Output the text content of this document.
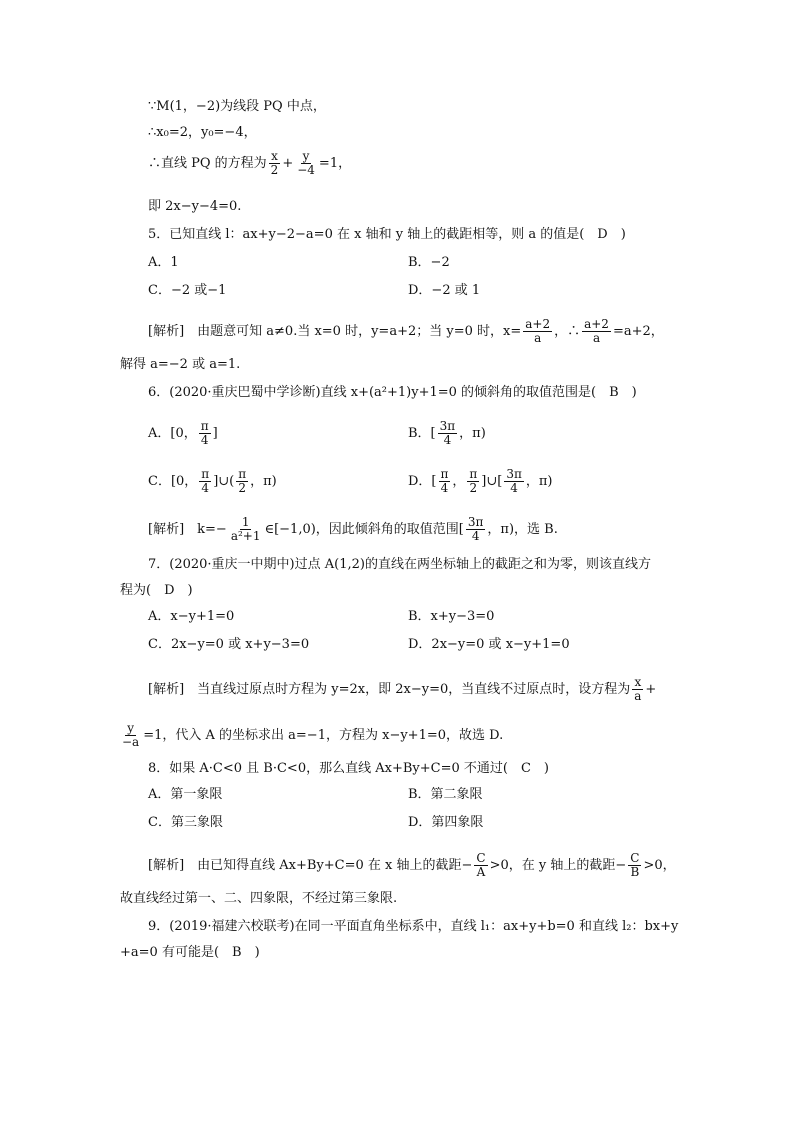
∵M(1，−2)为线段 PQ 中点，
∴x₀=2，y₀=−4，
∴直线 PQ 的方程为 $\frac{x}{2} + \frac{y}{-4} =1$，
即 2x−y−4=0.
5．已知直线 l：ax+y−2−a=0 在 x 轴和 y 轴上的截距相等，则 a 的值是(　D　)
A．1	B．−2
C．−2 或−1	D．−2 或 1
[解析]　由题意可知 a≠0.当 x=0 时，y=a+2；当 y=0 时，$x= \frac{a+2}{a}$ ，∴ $\frac{a+2}{a} =a+2$，
解得 a=−2 或 a=1.
6．(2020·重庆巴蜀中学诊断)直线 x+(a²+1)y+1=0 的倾斜角的取值范围是(　B　)
A．[0， $\frac{\pi}{4}$ ]	B．[ $\frac{3\pi}{4}$ ，π)
C．[0， $\frac{\pi}{4}$ ]∪( $\frac{\pi}{2}$ ，π)	D．[ $\frac{\pi}{4}$ ， $\frac{\pi}{2}$ ]∪[ $\frac{3\pi}{4}$ ，π)
[解析]　$k=- \frac{1}{\text{a²+1}}$ ∈[−1,0)，因此倾斜角的取值范围[ $\frac{3\pi}{4}$ ，π)，选 B.
7．(2020·重庆一中期中)过点 A(1,2)的直线在两坐标轴上的截距之和为零，则该直线方
程为(　D　)
A．x−y+1=0	B．x+y−3=0
C．2x−y=0 或 x+y−3=0	D．2x−y=0 或 x−y+1=0
[解析]　当直线过原点时方程为 y=2x，即 2x−y=0，当直线不过原点时，设方程为 $\frac{x}{a}$ +
$\frac{y}{-a} =1$，代入 A 的坐标求出 a=−1，方程为 x−y+1=0，故选 D.
8．如果 A·C<0 且 B·C<0，那么直线 Ax+By+C=0 不通过(　C　)
A．第一象限	B．第二象限
C．第三象限	D．第四象限
[解析]　由已知得直线 Ax+By+C=0 在 x 轴上的截距− $\frac{C}{A} >0$，在 y 轴上的截距− $\frac{C}{B} >0$，
故直线经过第一、二、四象限，不经过第三象限.
9．(2019·福建六校联考)在同一平面直角坐标系中，直线 l₁：ax+y+b=0 和直线 l₂：bx+y
+a=0 有可能是(　B　)
